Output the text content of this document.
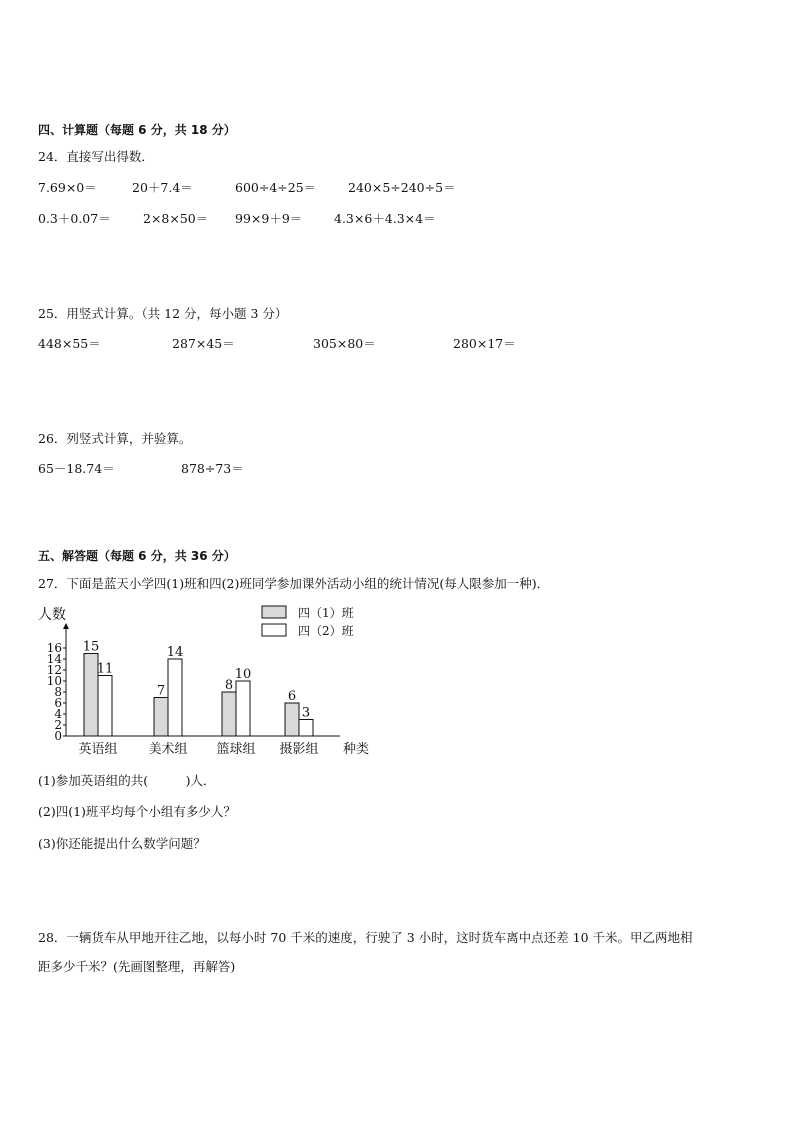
四、计算题（每题 6 分，共 18 分）
24．直接写出得数．
7.69×0＝	20＋7.4＝	600÷4÷25＝	240×5÷240÷5＝
0.3＋0.07＝	2×8×50＝ 99×9＋9＝	4.3×6＋4.3×4＝
25．用竖式计算。（共 12 分，每小题 3 分）
448×55＝	287×45＝	305×80＝	280×17＝
26．列竖式计算，并验算。
65－18.74＝	878÷73＝
五、解答题（每题 6 分，共 36 分）
27．下面是蓝天小学四(1)班和四(2)班同学参加课外活动小组的统计情况(每人限参加一种)．
人数
0
2
4
6
8
10
12
14
16 15
11
7
14
8
10
6
3
英语组 美术组 篮球组 摄影组 种类
四（1）班
四（2）班
(1)参加英语组的共(　　　)人．
(2)四(1)班平均每个小组有多少人？
(3)你还能提出什么数学问题？
28．一辆货车从甲地开往乙地，以每小时 70 千米的速度，行驶了 3 小时，这时货车离中点还差 10 千米。甲乙两地相
距多少千米？(先画图整理，再解答)
